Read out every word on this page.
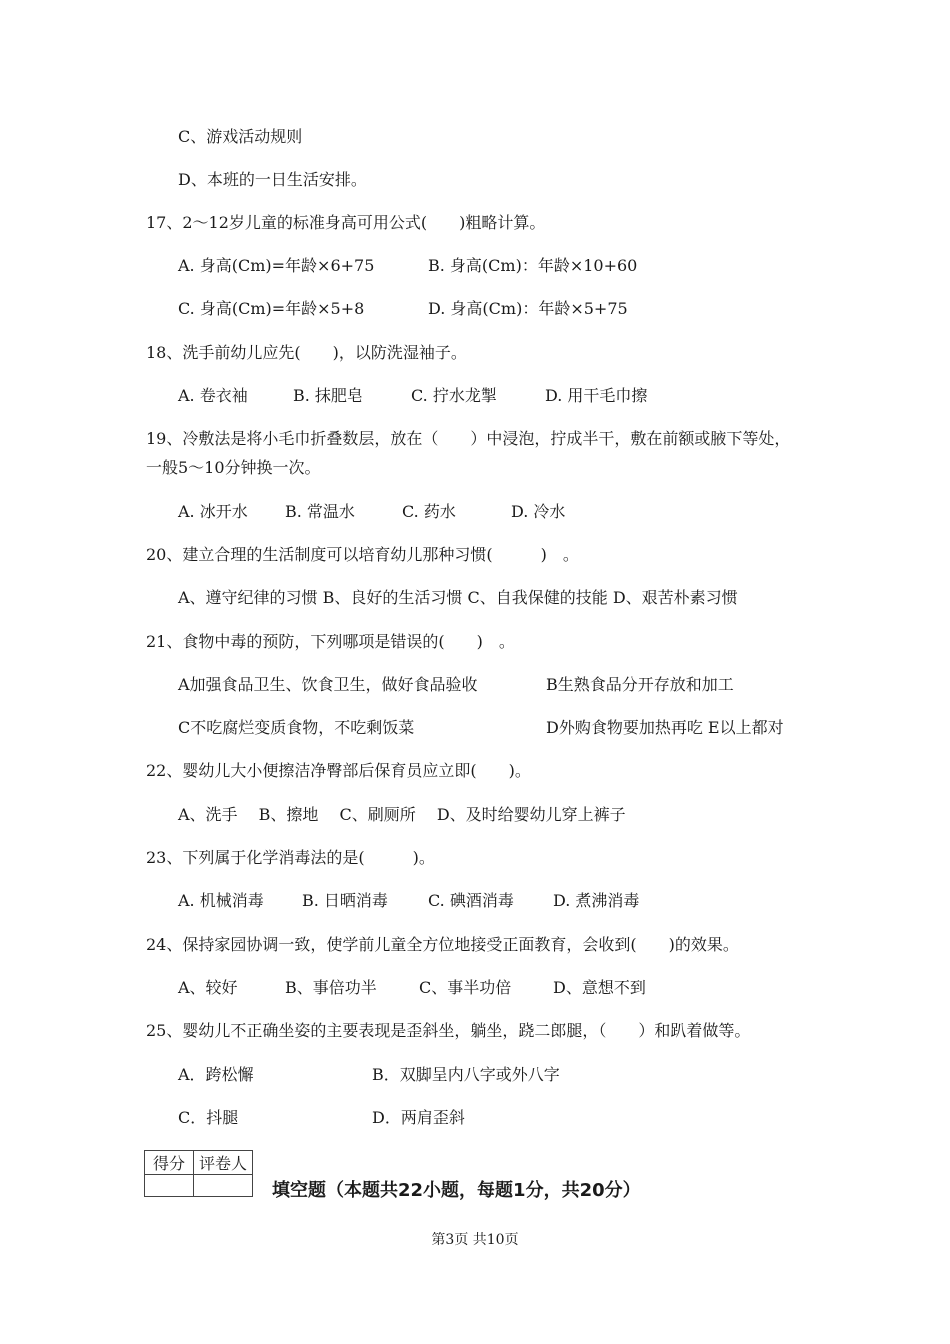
C、游戏活动规则
D、本班的一日生活安排。
17、2～12岁儿童的标准身高可用公式(　　)粗略计算。
A. 身高(Cm)=年龄×6+75	B. 身高(Cm)：年龄×10+60
C. 身高(Cm)=年龄×5+8	D. 身高(Cm)：年龄×5+75
18、洗手前幼儿应先(　　)，以防洗湿袖子。
A. 卷衣袖	B. 抹肥皂	C. 拧水龙掣	D. 用干毛巾擦
19、冷敷法是将小毛巾折叠数层，放在（　　）中浸泡，拧成半干，敷在前额或腋下等处，
一般5～10分钟换一次。
A. 冰开水 B. 常温水	C. 药水	D. 冷水
20、建立合理的生活制度可以培育幼儿那种习惯(　　　)　。
A、遵守纪律的习惯 B、良好的生活习惯 C、自我保健的技能 D、艰苦朴素习惯
21、食物中毒的预防，下列哪项是错误的(　　)　。
A加强食品卫生、饮食卫生，做好食品验收	B生熟食品分开存放和加工
C不吃腐烂变质食物，不吃剩饭菜	D外购食物要加热再吃 E以上都对
22、婴幼儿大小便擦洁净臀部后保育员应立即(　　)。
A、洗手　 B、擦地　 C、刷厕所　 D、及时给婴幼儿穿上裤子
23、下列属于化学消毒法的是(　　　)。
A. 机械消毒 B. 日晒消毒	C. 碘酒消毒 D. 煮沸消毒
24、保持家园协调一致，使学前儿童全方位地接受正面教育，会收到(　　)的效果。
A、较好	B、事倍功半	C、事半功倍	D、意想不到
25、婴幼儿不正确坐姿的主要表现是歪斜坐，躺坐，跷二郎腿，（　　）和趴着做等。
A．跨松懈	B．双脚呈内八字或外八字
C．抖腿	D．两肩歪斜
得分	评卷人

填空题（本题共22小题，每题1分，共20分）
第3页 共10页
